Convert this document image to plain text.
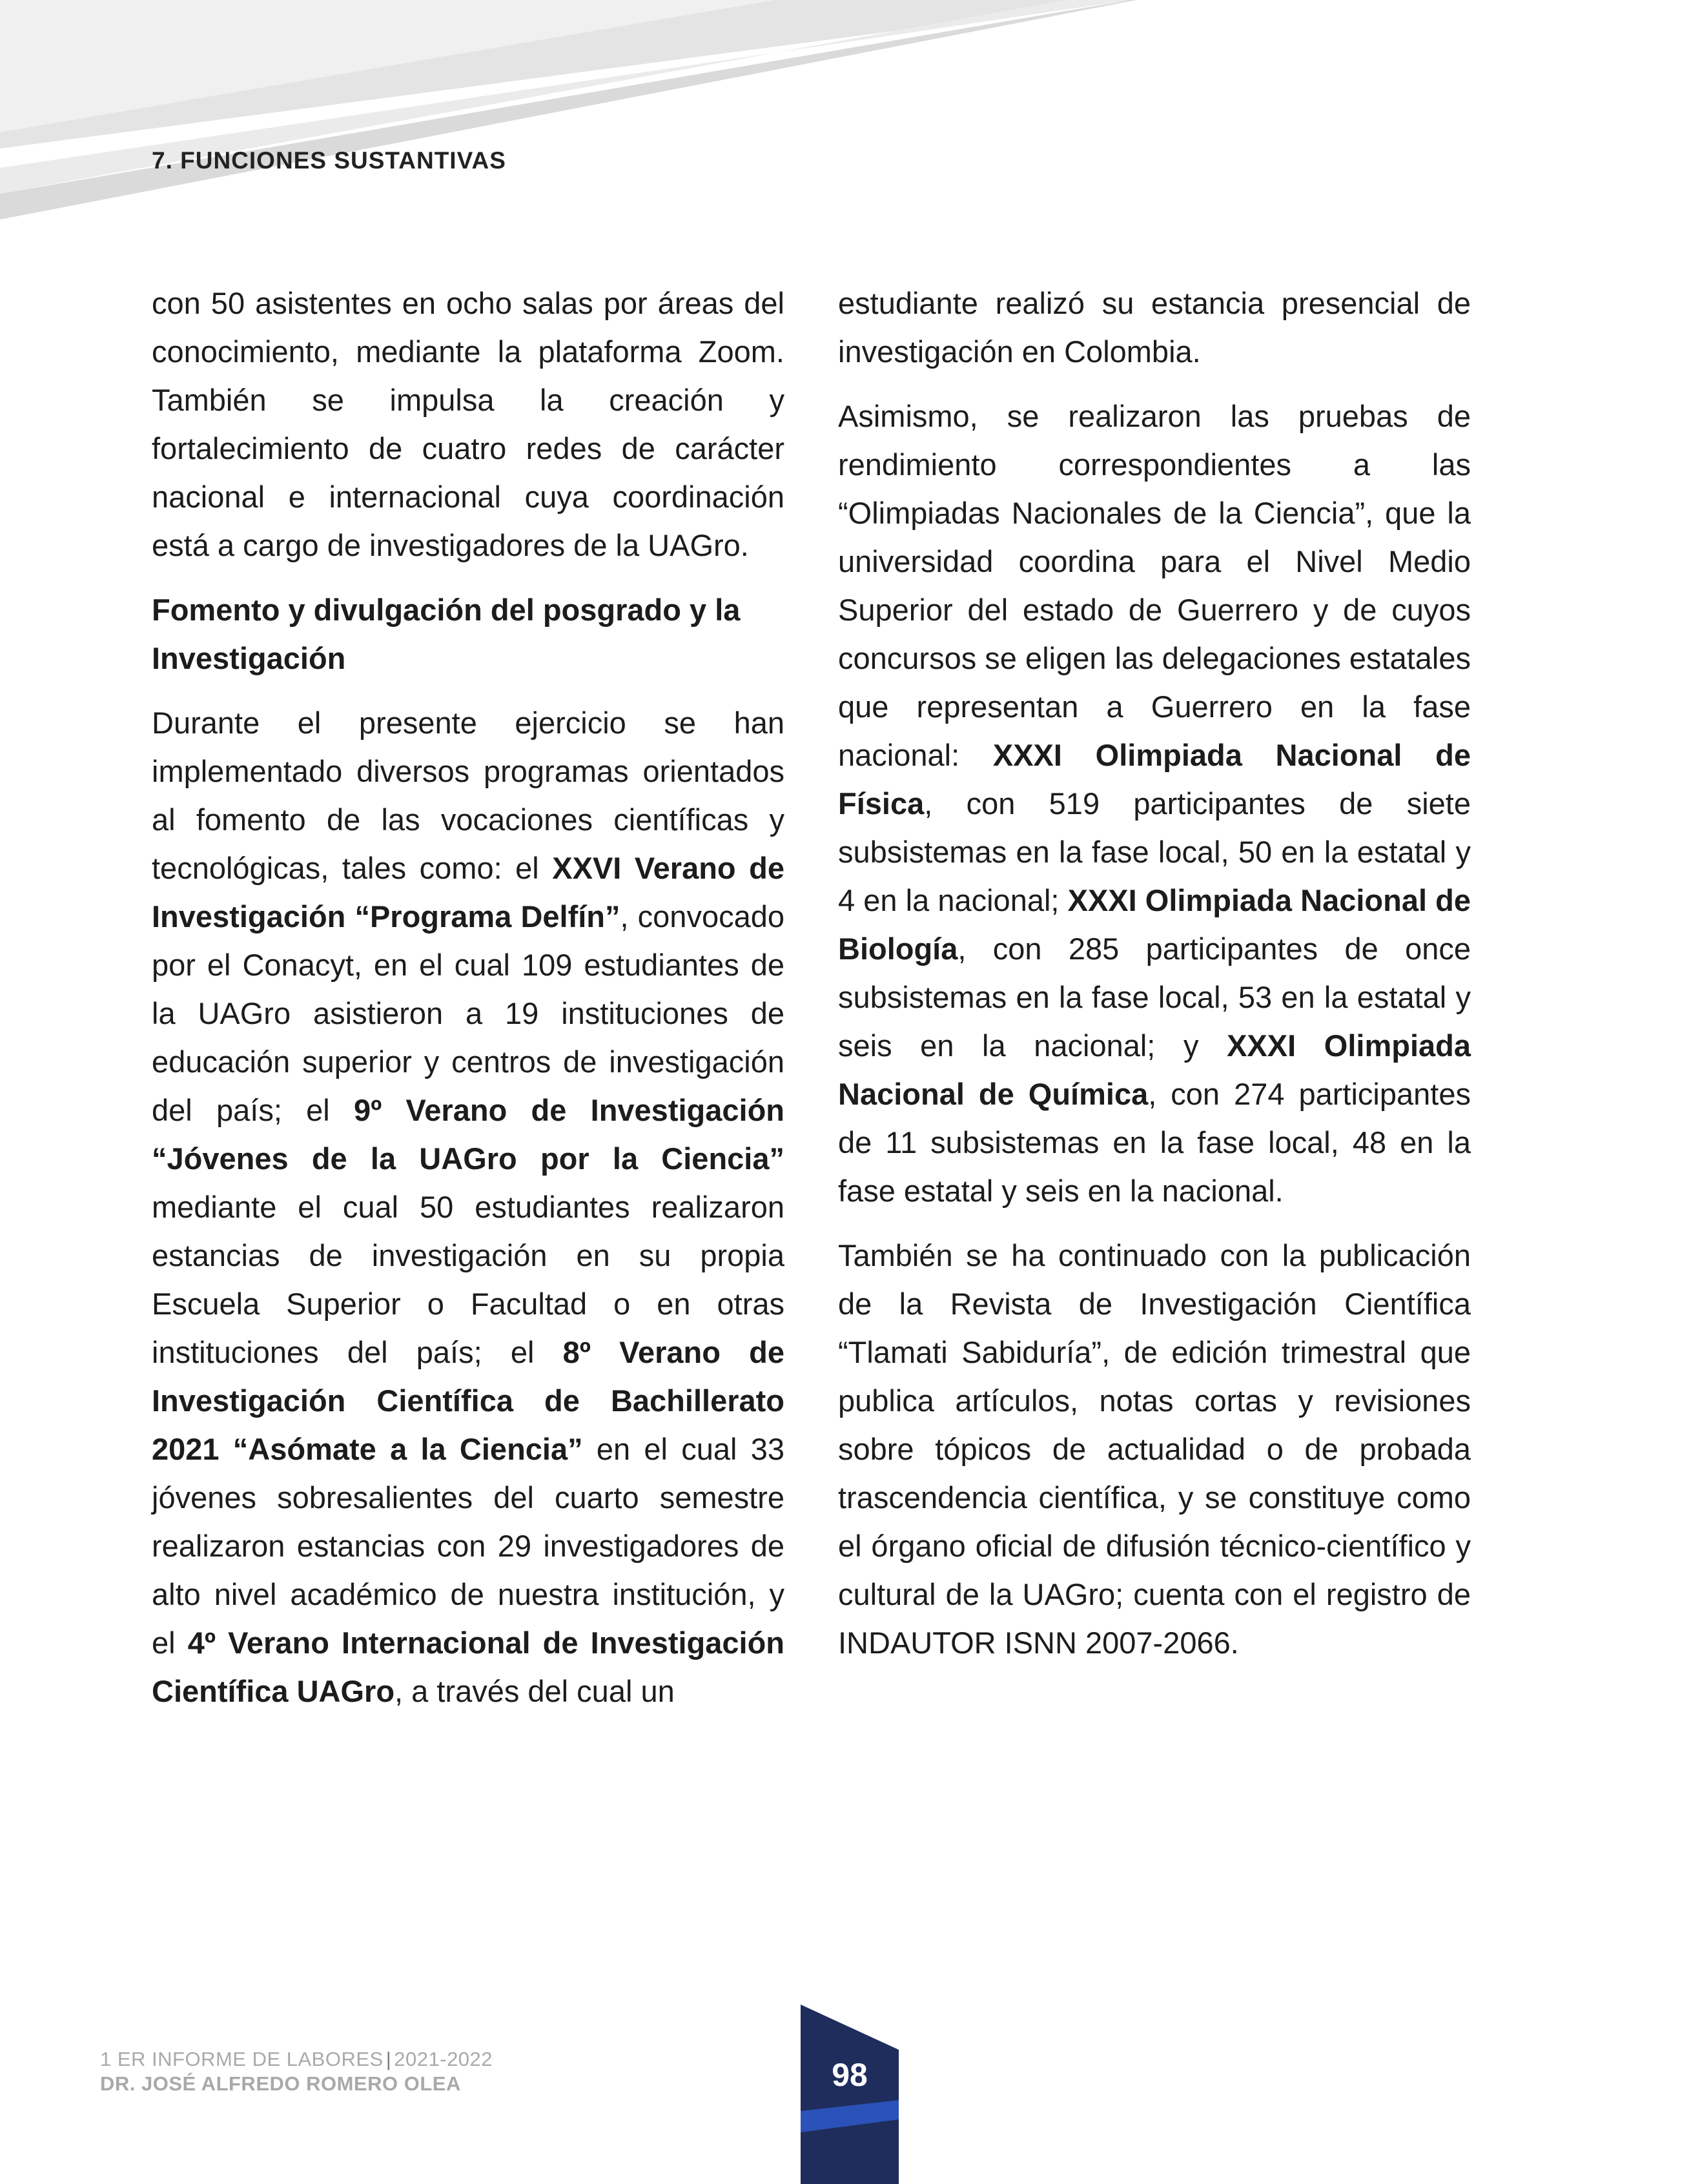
7. FUNCIONES SUSTANTIVAS

con 50 asistentes en ocho salas por áreas del conocimiento, mediante la plataforma Zoom. También se impulsa la creación y fortalecimiento de cuatro redes de carácter nacional e internacional cuya coordinación está a cargo de investigadores de la UAGro.

Fomento y divulgación del posgrado y la Investigación

Durante el presente ejercicio se han implementado diversos programas orientados al fomento de las vocaciones científicas y tecnológicas, tales como: el XXVI Verano de Investigación “Programa Delfín”, convocado por el Conacyt, en el cual 109 estudiantes de la UAGro asistieron a 19 instituciones de educación superior y centros de investigación del país; el 9º Verano de Investigación “Jóvenes de la UAGro por la Ciencia” mediante el cual 50 estudiantes realizaron estancias de investigación en su propia Escuela Superior o Facultad o en otras instituciones del país; el 8º Verano de Investigación Científica de Bachillerato 2021 “Asómate a la Ciencia” en el cual 33 jóvenes sobresalientes del cuarto semestre realizaron estancias con 29 investigadores de alto nivel académico de nuestra institución, y el 4º Verano Internacional de Investigación Científica UAGro, a través del cual un

estudiante realizó su estancia presencial de investigación en Colombia.

Asimismo, se realizaron las pruebas de rendimiento correspondientes a las “Olimpiadas Nacionales de la Ciencia”, que la universidad coordina para el Nivel Medio Superior del estado de Guerrero y de cuyos concursos se eligen las delegaciones estatales que representan a Guerrero en la fase nacional: XXXI Olimpiada Nacional de Física, con 519 participantes de siete subsistemas en la fase local, 50 en la estatal y 4 en la nacional; XXXI Olimpiada Nacional de Biología, con 285 participantes de once subsistemas en la fase local, 53 en la estatal y seis en la nacional; y XXXI Olimpiada Nacional de Química, con 274 participantes de 11 subsistemas en la fase local, 48 en la fase estatal y seis en la nacional.

También se ha continuado con la publicación de la Revista de Investigación Científica “Tlamati Sabiduría”, de edición trimestral que publica artículos, notas cortas y revisiones sobre tópicos de actualidad o de probada trascendencia científica, y se constituye como el órgano oficial de difusión técnico-científico y cultural de la UAGro; cuenta con el registro de INDAUTOR ISNN 2007-2066.

1 ER INFORME DE LABORES | 2021-2022
DR. JOSÉ ALFREDO ROMERO OLEA	98
